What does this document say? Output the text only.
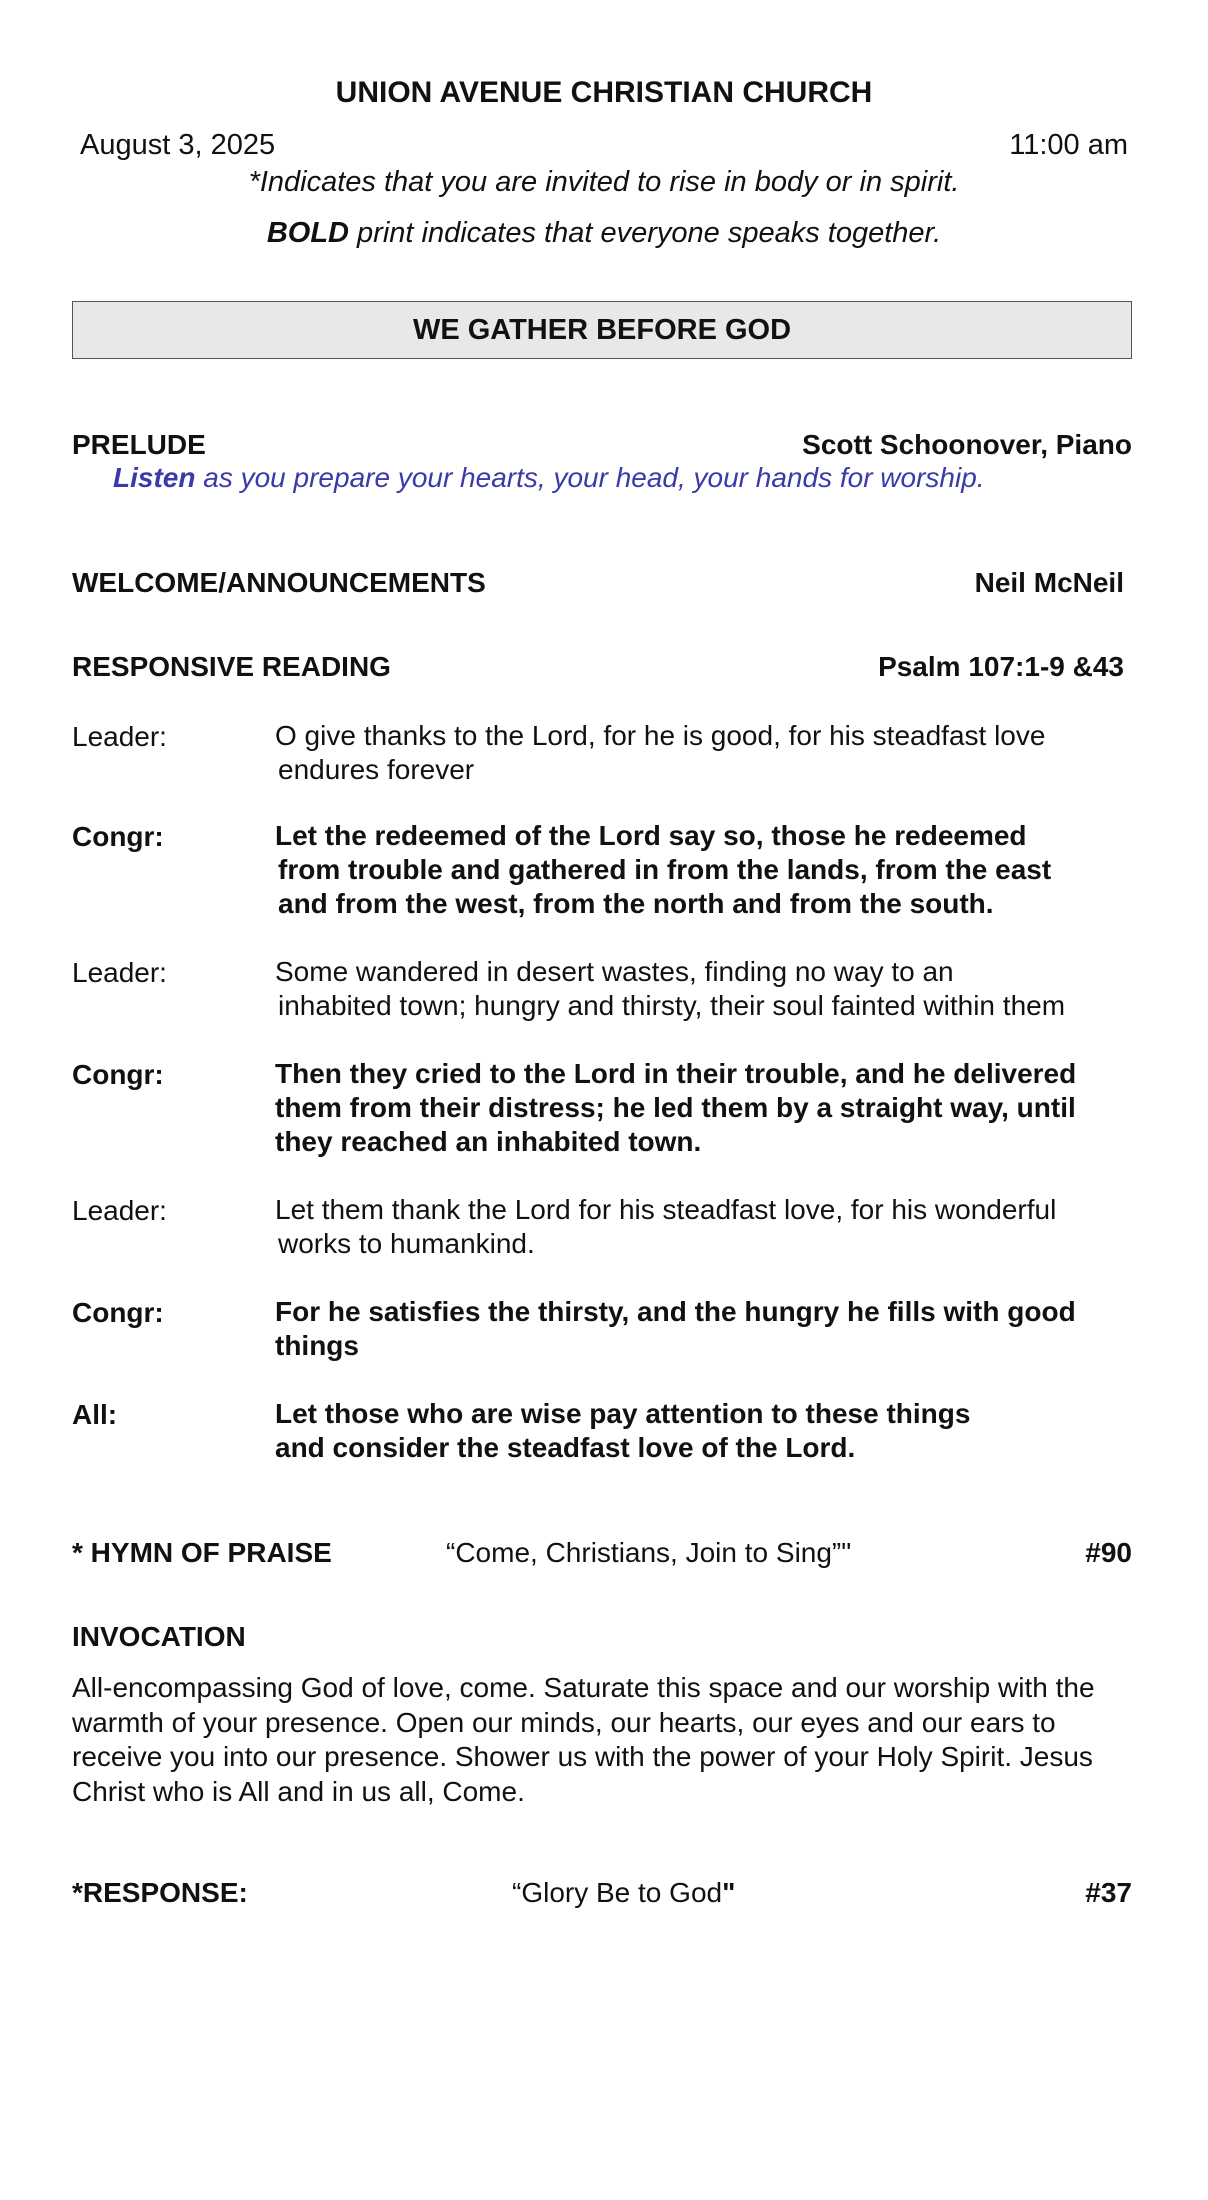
UNION AVENUE CHRISTIAN CHURCH
August 3, 2025	11:00 am
*Indicates that you are invited to rise in body or in spirit.
BOLD print indicates that everyone speaks together.
WE GATHER BEFORE GOD
PRELUDE	Scott Schoonover, Piano
Listen as you prepare your hearts, your head, your hands for worship.
WELCOME/ANNOUNCEMENTS	Neil McNeil
RESPONSIVE READING	Psalm 107:1-9 &43
Leader:	O give thanks to the Lord, for he is good, for his steadfast love
endures forever
Congr:	Let the redeemed of the Lord say so, those he redeemed
from trouble and gathered in from the lands, from the east
and from the west, from the north and from the south.
Leader:	Some wandered in desert wastes, finding no way to an
inhabited town; hungry and thirsty, their soul fainted within them
Congr:	Then they cried to the Lord in their trouble, and he delivered
them from their distress; he led them by a straight way, until
they reached an inhabited town.
Leader:	Let them thank the Lord for his steadfast love, for his wonderful
works to humankind.
Congr:	For he satisfies the thirsty, and the hungry he fills with good
things
All:	Let those who are wise pay attention to these things
and consider the steadfast love of the Lord.
* HYMN OF PRAISE	“Come, Christians, Join to Sing”"	#90
INVOCATION
All-encompassing God of love, come. Saturate this space and our worship with the warmth of your presence. Open our minds, our hearts, our eyes and our ears to receive you into our presence. Shower us with the power of your Holy Spirit. Jesus Christ who is All and in us all, Come.
*RESPONSE:	“Glory Be to God"	#37
